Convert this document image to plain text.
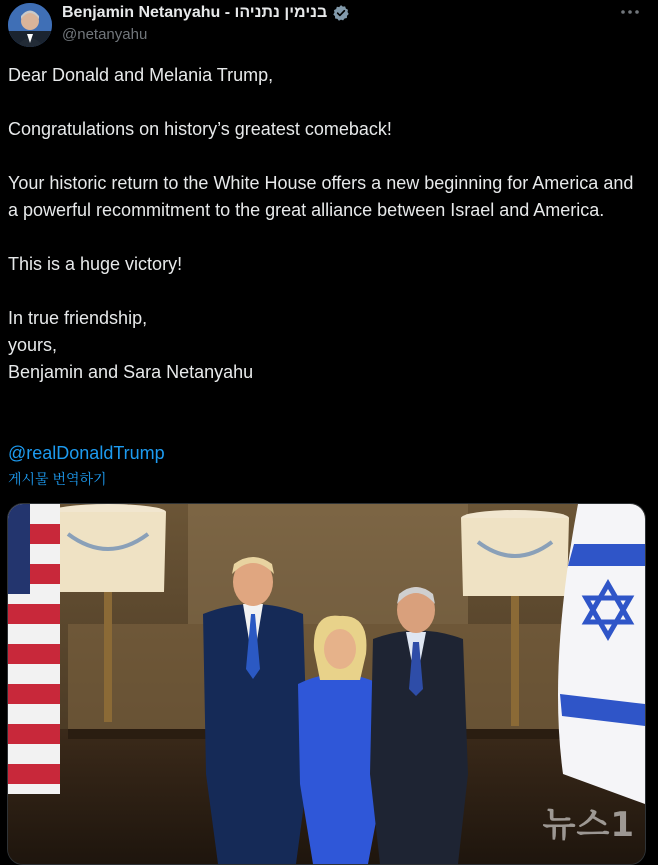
Benjamin Netanyahu - בנימין נתניהו
@netanyahu

Dear Donald and Melania Trump,

Congratulations on history’s greatest comeback!

Your historic return to the White House offers a new beginning for America and a powerful recommitment to the great alliance between Israel and America.

This is a huge victory!

In true friendship,
yours,
Benjamin and Sara Netanyahu

@realDonaldTrump
게시물 번역하기
뉴스1
